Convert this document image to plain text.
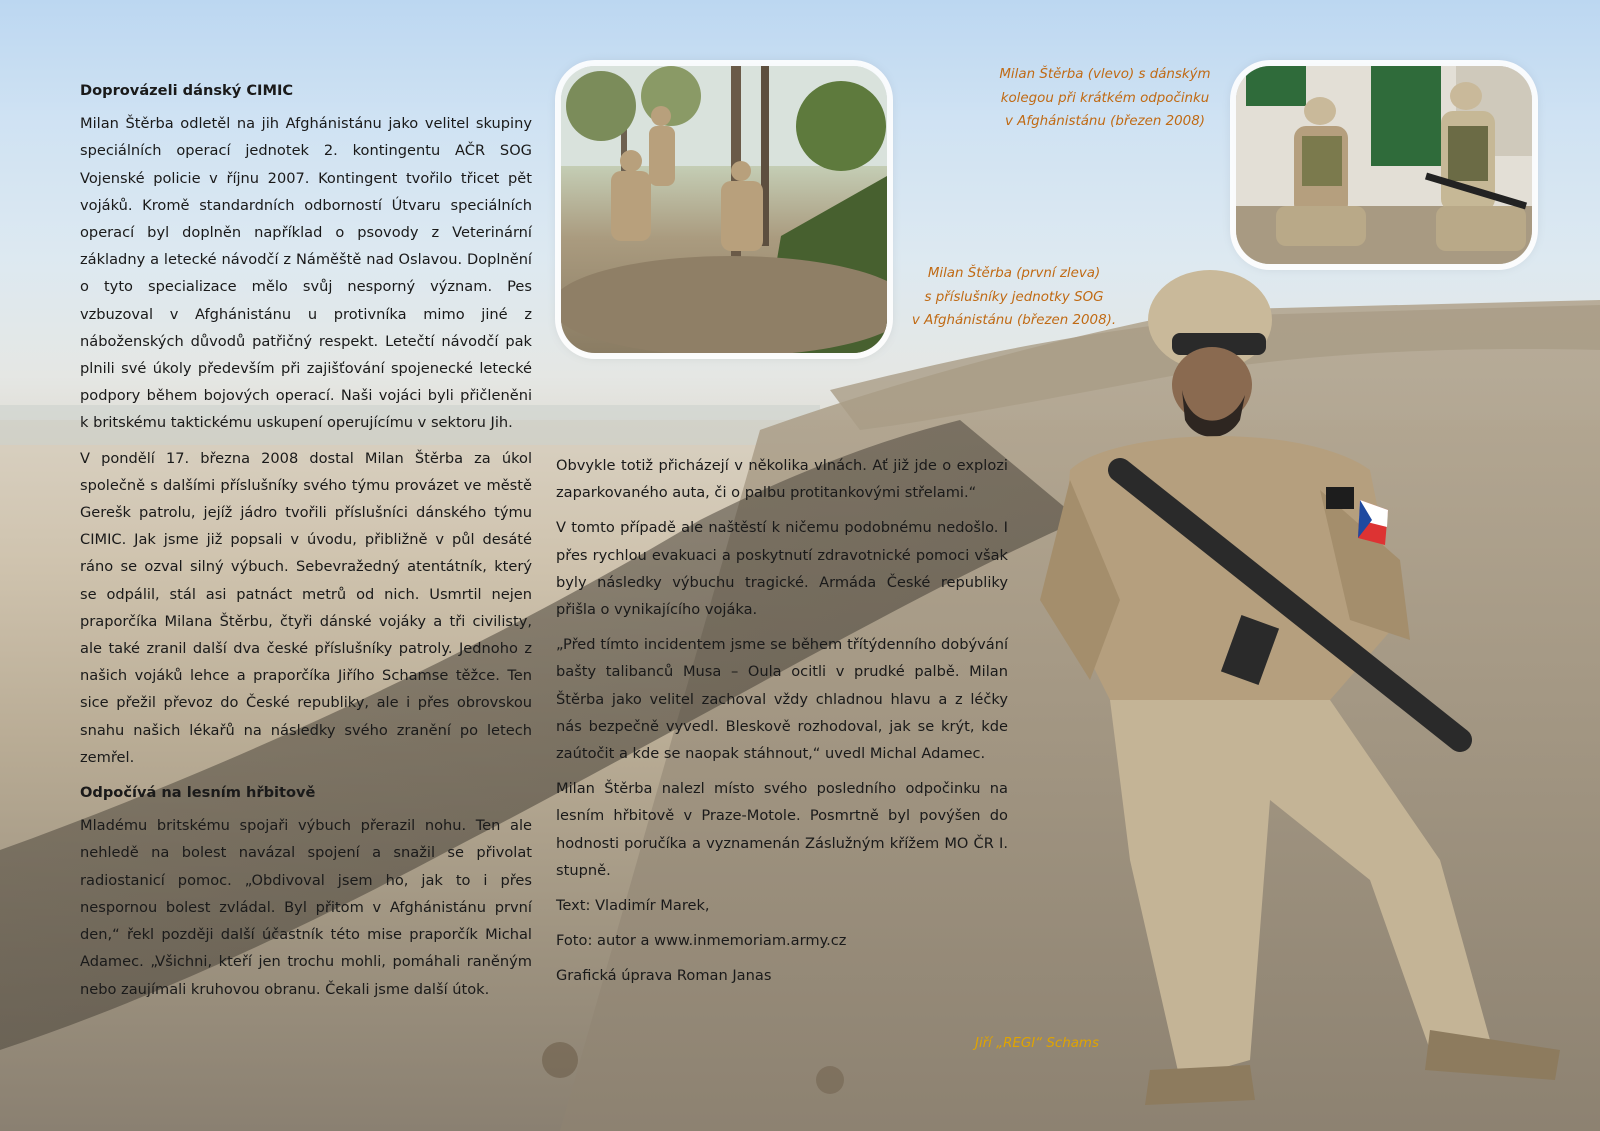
Doprovázeli dánský CIMIC

Milan Štěrba odletěl na jih Afghánistánu jako velitel skupiny speciálních operací jednotek 2. kontingentu AČR SOG Vojenské policie v říjnu 2007. Kontingent tvořilo třicet pět vojáků. Kromě standardních odborností Útvaru speciálních operací byl doplněn například o psovody z Veterinární základny a letecké návodčí z Náměště nad Oslavou. Doplnění o tyto specializace mělo svůj nesporný význam. Pes vzbuzoval v Afghánistánu u protivníka mimo jiné z náboženských důvodů patřičný respekt. Letečtí návodčí pak plnili své úkoly především při zajišťování spojenecké letecké podpory během bojových operací. Naši vojáci byli přičleněni k britskému taktickému uskupení operujícímu v sektoru Jih.

V pondělí 17. března 2008 dostal Milan Štěrba za úkol společně s dalšími příslušníky svého týmu provázet ve městě Gerešk patrolu, jejíž jádro tvořili příslušníci dánského týmu CIMIC. Jak jsme již popsali v úvodu, přibližně v půl desáté ráno se ozval silný výbuch. Sebevražedný atentátník, který se odpálil, stál asi patnáct metrů od nich. Usmrtil nejen praporčíka Milana Štěrbu, čtyři dánské vojáky a tři civilisty, ale také zranil další dva české příslušníky patroly. Jednoho z našich vojáků lehce a praporčíka Jiřího Schamse těžce. Ten sice přežil převoz do České republiky, ale i přes obrovskou snahu našich lékařů na následky svého zranění po letech zemřel.

Odpočívá na lesním hřbitově

Mladému britskému spojaři výbuch přerazil nohu. Ten ale nehledě na bolest navázal spojení a snažil se přivolat radiostanicí pomoc. „Obdivoval jsem ho, jak to i přes nespornou bolest zvládal. Byl přitom v Afghánistánu první den,“ řekl později další účastník této mise praporčík Michal Adamec. „Všichni, kteří jen trochu mohli, pomáhali raněným nebo zaujímali kruhovou obranu. Čekali jsme další útok.

Obvykle totiž přicházejí v několika vlnách. Ať již jde o explozi zaparkovaného auta, či o palbu protitankovými střelami.“

V tomto případě ale naštěstí k ničemu podobnému nedošlo. I přes rychlou evakuaci a poskytnutí zdravotnické pomoci však byly následky výbuchu tragické. Armáda České republiky přišla o vynikajícího vojáka.

„Před tímto incidentem jsme se během třítýdenního dobývání bašty talibanců Musa – Oula ocitli v prudké palbě. Milan Štěrba jako velitel zachoval vždy chladnou hlavu a z léčky nás bezpečně vyvedl. Bleskově rozhodoval, jak se krýt, kde zaútočit a kde se naopak stáhnout,“ uvedl Michal Adamec.

Milan Štěrba nalezl místo svého posledního odpočinku na lesním hřbitově v Praze-Motole. Posmrtně byl povýšen do hodnosti poručíka a vyznamenán Záslužným křížem MO ČR I. stupně.

Text: Vladimír Marek,

Foto: autor a www.inmemoriam.army.cz

Grafická úprava Roman Janas

Milan Štěrba (vlevo) s dánským
kolegou při krátkém odpočinku
v Afghánistánu (březen 2008)
Milan Štěrba (první zleva)
s příslušníky jednotky SOG
v Afghánistánu (březen 2008).
Jiří „REGI“ Schams
